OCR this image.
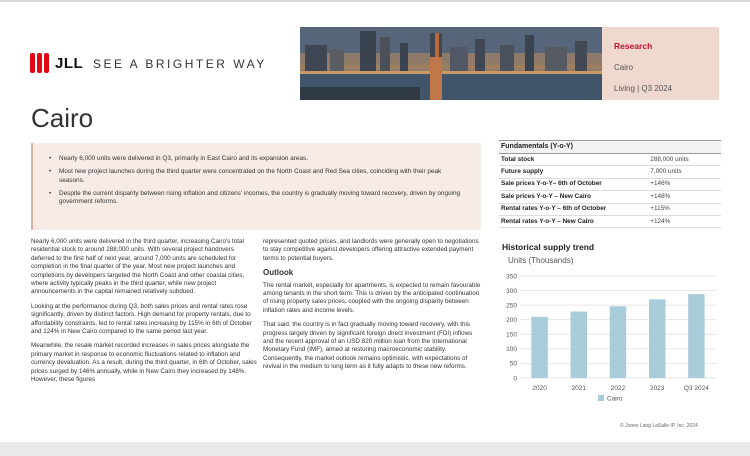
JLL SEE A BRIGHTER WAY
Research
Cairo
Living | Q3 2024
Cairo
• Nearly 6,000 units were delivered in Q3, primarily in East Cairo and its expansion areas.
• Most new project launches during the third quarter were concentrated on the North Coast and Red Sea cities, coinciding with their peak seasons.
• Despite the current disparity between rising inflation and citizens' incomes, the country is gradually moving toward recovery, driven by ongoing government reforms.

Nearly 6,000 units were delivered in the third quarter, increasing Cairo's total residential stock to around 288,000 units. With several project handovers deferred to the first half of next year, around 7,000 units are scheduled for completion in the final quarter of the year. Most new project launches and completions by developers targeted the North Coast and other coastal cities, where activity typically peaks in the third quarter, while new project announcements in the capital remained relatively subdued.

Looking at the performance during Q3, both sales prices and rental rates rose significantly, driven by distinct factors. High demand for property rentals, due to affordability constraints, led to rental rates increasing by 115% in 6th of October and 124% in New Cairo compared to the same period last year.

Meanwhile, the resale market recorded increases in sales prices alongside the primary market in response to economic fluctuations related to inflation and currency devaluation. As a result, during the third quarter, in 6th of October, sales prices surged by 146% annually, while in New Cairo they increased by 148%. However, these figures

represented quoted prices, and landlords were generally open to negotiations to stay competitive against developers offering attractive extended payment terms to potential buyers.

Outlook

The rental market, especially for apartments, is expected to remain favourable among tenants in the short term. This is driven by the anticipated continuation of rising property sales prices, coupled with the ongoing disparity between inflation rates and income levels.

That said, the country is in fact gradually moving toward recovery, with this progress largely driven by significant foreign direct investment (FDI) inflows and the recent approval of an USD 820 million loan from the International Monetary Fund (IMF), aimed at restoring macroeconomic stability. Consequently, the market outlook remains optimistic, with expectations of revival in the medium to long term as it fully adapts to these new reforms.

Fundamentals (Y-o-Y)
Total stock	288,000 units
Future supply	7,000 units
Sale prices Y-o-Y– 6th of October	+146%
Sale prices Y-o-Y – New Cairo	+148%
Rental rates Y-o-Y – 6th of October	+115%
Rental rates Y-o-Y – New Cairo	+124%
Historical supply trend
Units (Thousands)
0
50
100
150
200
250
300
350
2020	2021	2022	2023	Q3 2024
Cairo
© Jones Lang LaSalle IP, Inc. 2024
